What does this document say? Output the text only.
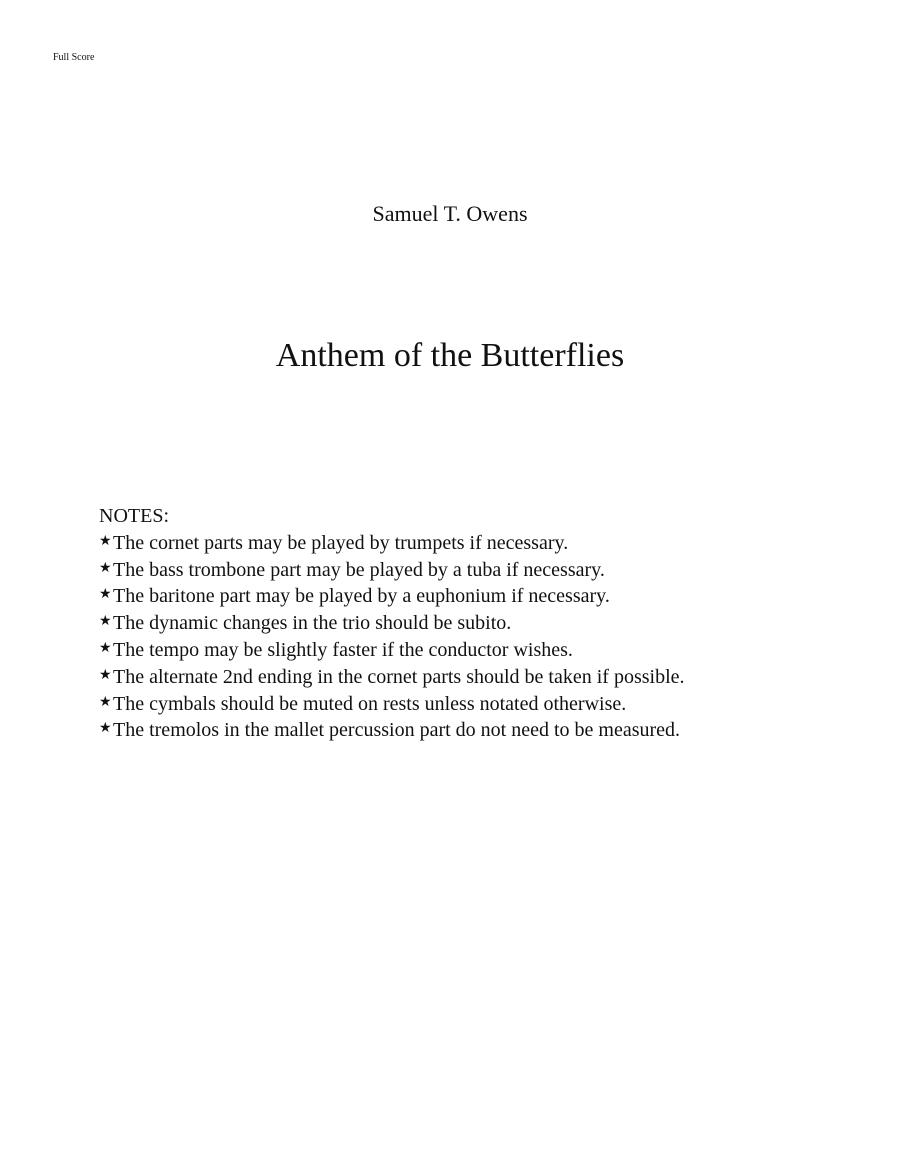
Full Score
Samuel T. Owens
Anthem of the Butterflies
NOTES:
★The cornet parts may be played by trumpets if necessary.
★The bass trombone part may be played by a tuba if necessary.
★The baritone part may be played by a euphonium if necessary.
★The dynamic changes in the trio should be subito.
★The tempo may be slightly faster if the conductor wishes.
★The alternate 2nd ending in the cornet parts should be taken if possible.
★The cymbals should be muted on rests unless notated otherwise.
★The tremolos in the mallet percussion part do not need to be measured.
